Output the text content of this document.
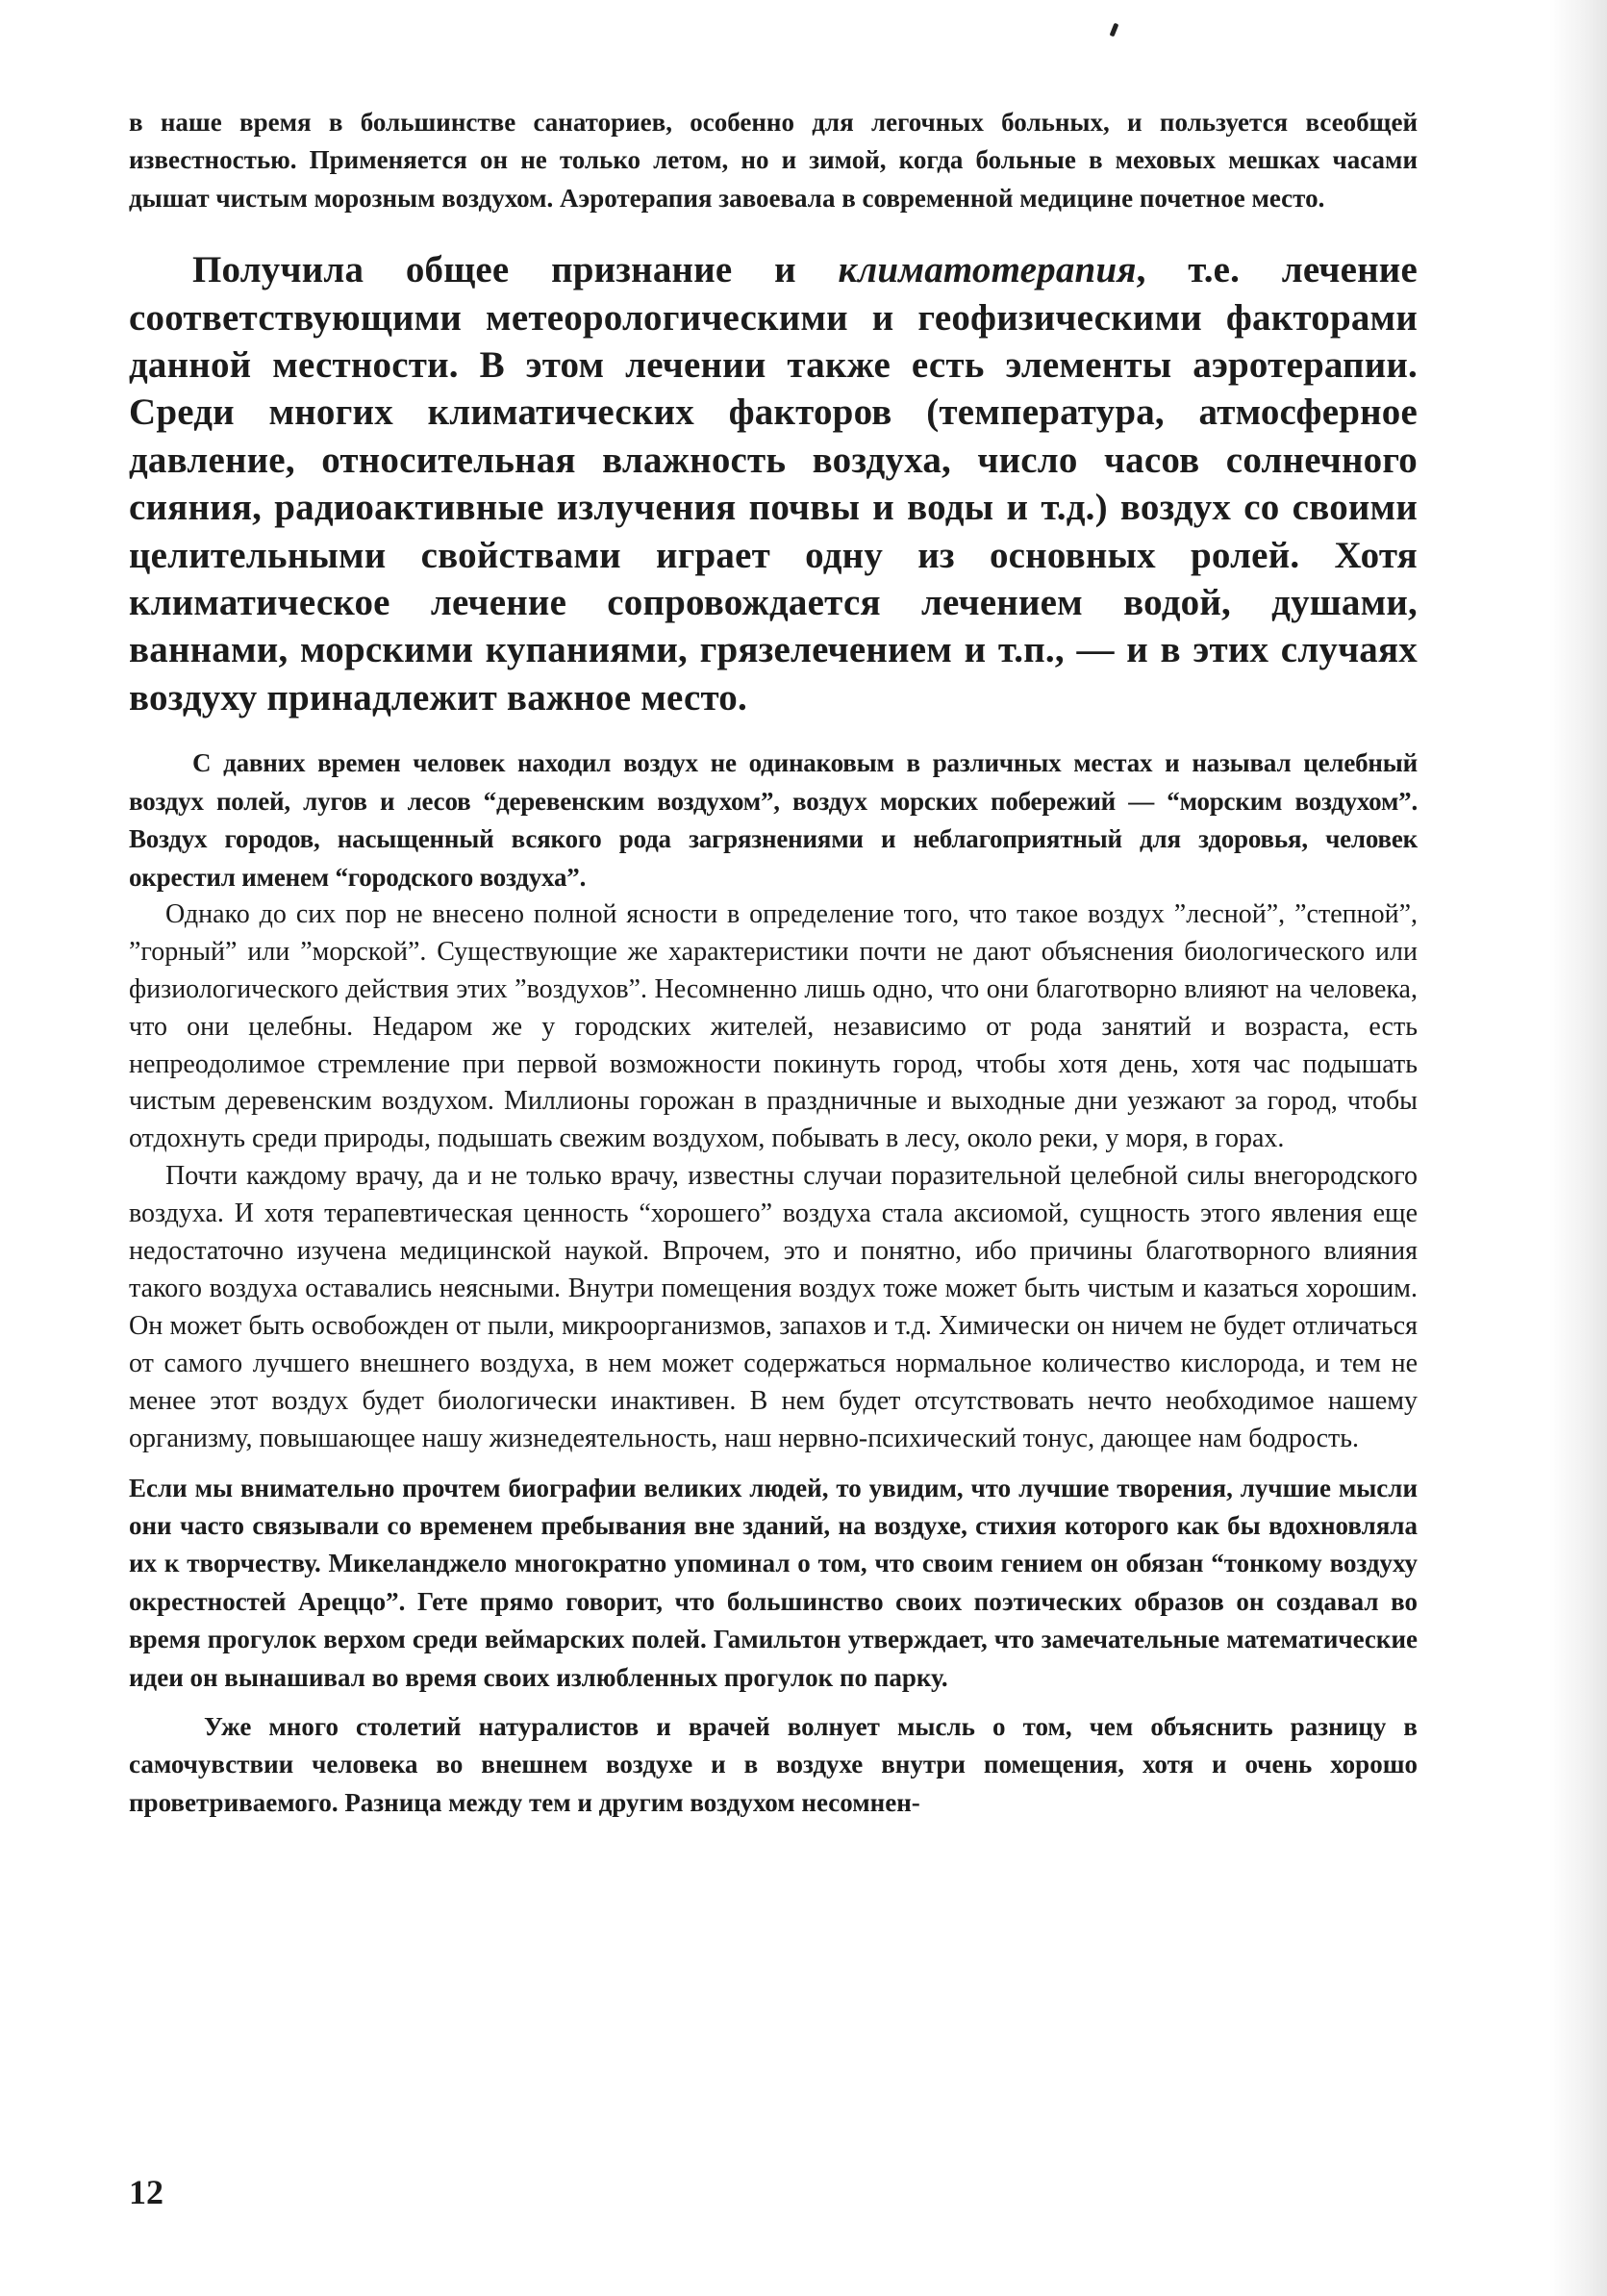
в наше время в большинстве санаториев, особенно для легочных больных, и пользуется всеобщей известностью. Применяется он не только летом, но и зимой, когда больные в меховых мешках часами дышат чистым морозным воздухом. Аэротерапия завоевала в современной медицине почетное место.

Получила общее признание и климатотерапия, т.е. лечение соответствующими метеорологическими и геофизическими факторами данной местности. В этом лечении также есть элементы аэротерапии. Среди многих климатических факторов (температура, атмосферное давление, относительная влажность воздуха, число часов солнечного сияния, радиоактивные излучения почвы и воды и т.д.) воздух со своими целительными свойствами играет одну из основных ролей. Хотя климатическое лечение сопровождается лечением водой, душами, ваннами, морскими купаниями, грязелечением и т.п., — и в этих случаях воздуху принадлежит важное место.

С давних времен человек находил воздух не одинаковым в различных местах и называл целебный воздух полей, лугов и лесов “деревенским воздухом”, воздух морских побережий — “морским воздухом”. Воздух городов, насыщенный всякого рода загрязнениями и неблагоприятный для здоровья, человек окрестил именем “городского воздуха”.

Однако до сих пор не внесено полной ясности в определение того, что такое воздух ”лесной”, ”степной”, ”горный” или ”морской”. Существующие же характеристики почти не дают объяснения биологического или физиологического действия этих ”воздухов”. Несомненно лишь одно, что они благотворно влияют на человека, что они целебны. Недаром же у городских жителей, независимо от рода занятий и возраста, есть непреодолимое стремление при первой возможности покинуть город, чтобы хотя день, хотя час подышать чистым деревенским воздухом. Миллионы горожан в праздничные и выходные дни уезжают за город, чтобы отдохнуть среди природы, подышать свежим воздухом, побывать в лесу, около реки, у моря, в горах.

Почти каждому врачу, да и не только врачу, известны случаи поразительной целебной силы внегородского воздуха. И хотя терапевтическая ценность “хорошего” воздуха стала аксиомой, сущность этого явления еще недостаточно изучена медицинской наукой. Впрочем, это и понятно, ибо причины благотворного влияния такого воздуха оставались неясными. Внутри помещения воздух тоже может быть чистым и казаться хорошим. Он может быть освобожден от пыли, микроорганизмов, запахов и т.д. Химически он ничем не будет отличаться от самого лучшего внешнего воздуха, в нем может содержаться нормальное количество кислорода, и тем не менее этот воздух будет биологически инактивен. В нем будет отсутствовать нечто необходимое нашему организму, повышающее нашу жизнедеятельность, наш нервно-психический тонус, дающее нам бодрость.

Если мы внимательно прочтем биографии великих людей, то увидим, что лучшие творения, лучшие мысли они часто связывали со временем пребывания вне зданий, на воздухе, стихия которого как бы вдохновляла их к творчеству. Микеланджело многократно упоминал о том, что своим гением он обязан “тонкому воздуху окрестностей Ареццо”. Гете прямо говорит, что большинство своих поэтических образов он создавал во время прогулок верхом среди веймарских полей. Гамильтон утверждает, что замечательные математические идеи он вынашивал во время своих излюбленных прогулок по парку.

Уже много столетий натуралистов и врачей волнует мысль о том, чем объяснить разницу в самочувствии человека во внешнем воздухе и в воздухе внутри помещения, хотя и очень хорошо проветриваемого. Разница между тем и другим воздухом несомнен-

12
